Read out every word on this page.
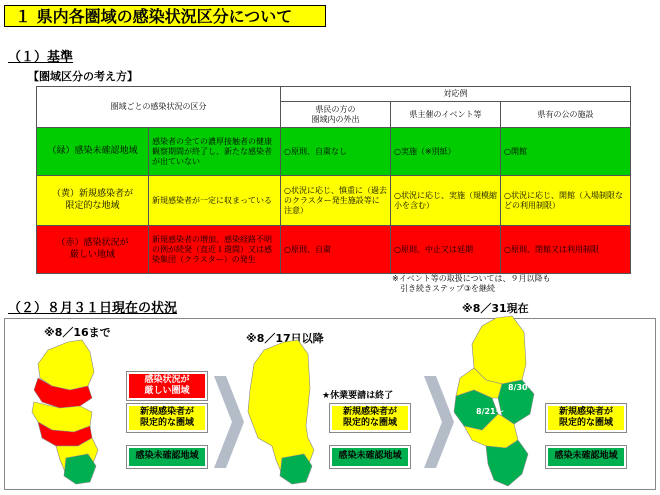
１ 県内各圏域の感染状況区分について
（１）基準
【圏域区分の考え方】
圏域ごとの感染状況の区分		対応例		
		県民の方の
圏域内の外出	県主催のイベント等	県有の公の施設
（緑）感染未確認地域	感染者の全ての濃厚接触者の健康観察期間が終了し、新たな感染者が出ていない	○原則、自粛なし	○実施（※別紙）	○開館
（黄）新規感染者が
限定的な地域	新規感染者が一定に収まっている	○状況に応じ、慎重に（過去のクラスター発生施設等に注意）	○状況に応じ、実施（規模縮小を含む）	○状況に応じ、開館（入場制限などの利用制限）
（赤）感染状況が
厳しい地域	新規感染者の増加、感染経路不明の例が続発（直近１週間）又は感染集団（クラスター）の発生	○原則、自粛	○原則、中止又は延期	○原則、閉館又は利用制限
※イベント等の取扱については、９月以降も
　引き続きステップ③を継続
（２）８月３１日現在の状況
※8／16まで	※8／17日以降
※8／31現在
感染状況が
厳しい圏域
新規感染者が
限定的な圏域
感染未確認地域
★休業要請は終了
新規感染者が
限定的な圏域
感染未確認地域
8/30～
8/21～	新規感染者が
限定的な圏域
感染未確認地域
